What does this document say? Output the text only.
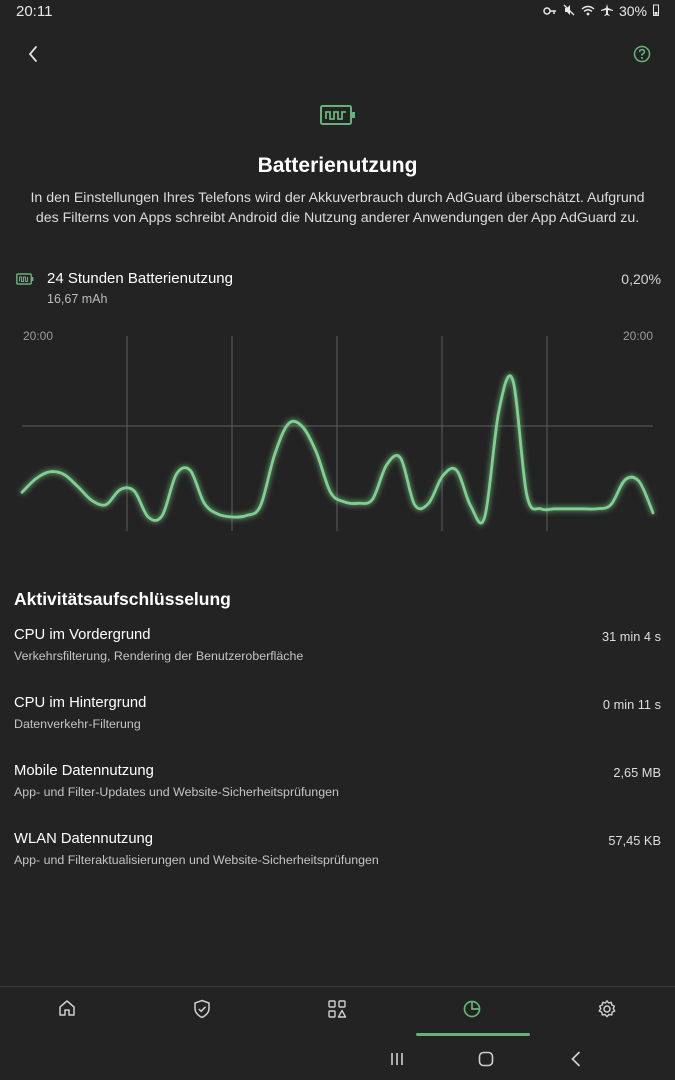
20:11	30%
Batterienutzung
In den Einstellungen Ihres Telefons wird der Akkuverbrauch durch AdGuard überschätzt. Aufgrund des Filterns von Apps schreibt Android die Nutzung anderer Anwendungen der App AdGuard zu.
24 Stunden Batterienutzung
16,67 mAh
0,20%
20:00	20:00
Aktivitätsaufschlüsselung
CPU im Vordergrund
Verkehrsfilterung, Rendering der Benutzeroberfläche
31 min 4 s
CPU im Hintergrund
Datenverkehr-Filterung
0 min 11 s
Mobile Datennutzung
App- und Filter-Updates und Website-Sicherheitsprüfungen
2,65 MB
WLAN Datennutzung
App- und Filteraktualisierungen und Website-Sicherheitsprüfungen
57,45 KB
